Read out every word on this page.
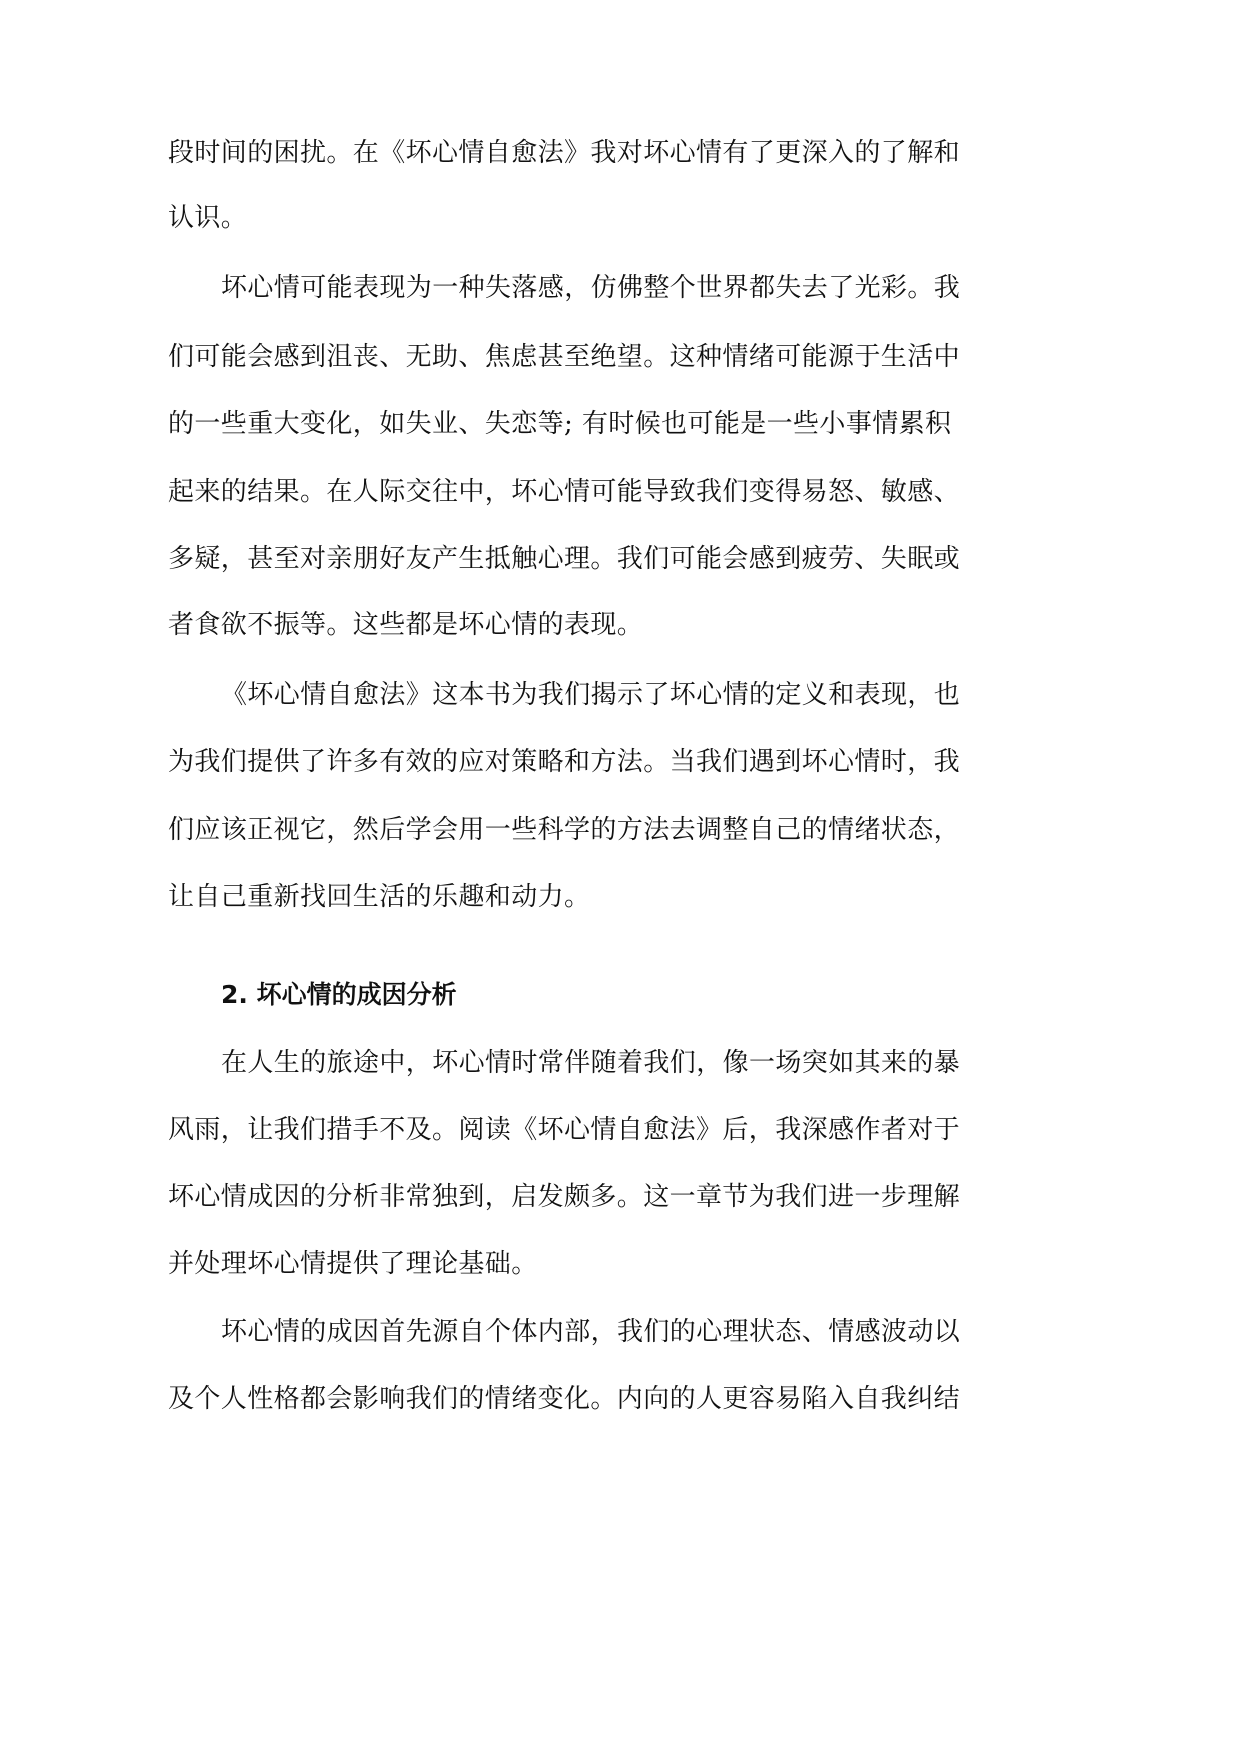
段时间的困扰。在《坏心情自愈法》我对坏心情有了更深入的了解和
认识。
坏心情可能表现为一种失落感，仿佛整个世界都失去了光彩。我
们可能会感到沮丧、无助、焦虑甚至绝望。这种情绪可能源于生活中
的一些重大变化，如失业、失恋等; 有时候也可能是一些小事情累积
起来的结果。在人际交往中，坏心情可能导致我们变得易怒、敏感、
多疑，甚至对亲朋好友产生抵触心理。我们可能会感到疲劳、失眠或
者食欲不振等。这些都是坏心情的表现。
《坏心情自愈法》这本书为我们揭示了坏心情的定义和表现，也
为我们提供了许多有效的应对策略和方法。当我们遇到坏心情时，我
们应该正视它，然后学会用一些科学的方法去调整自己的情绪状态，
让自己重新找回生活的乐趣和动力。
2. 坏心情的成因分析
在人生的旅途中，坏心情时常伴随着我们，像一场突如其来的暴
风雨，让我们措手不及。阅读《坏心情自愈法》后，我深感作者对于
坏心情成因的分析非常独到，启发颇多。这一章节为我们进一步理解
并处理坏心情提供了理论基础。
坏心情的成因首先源自个体内部，我们的心理状态、情感波动以
及个人性格都会影响我们的情绪变化。内向的人更容易陷入自我纠结
